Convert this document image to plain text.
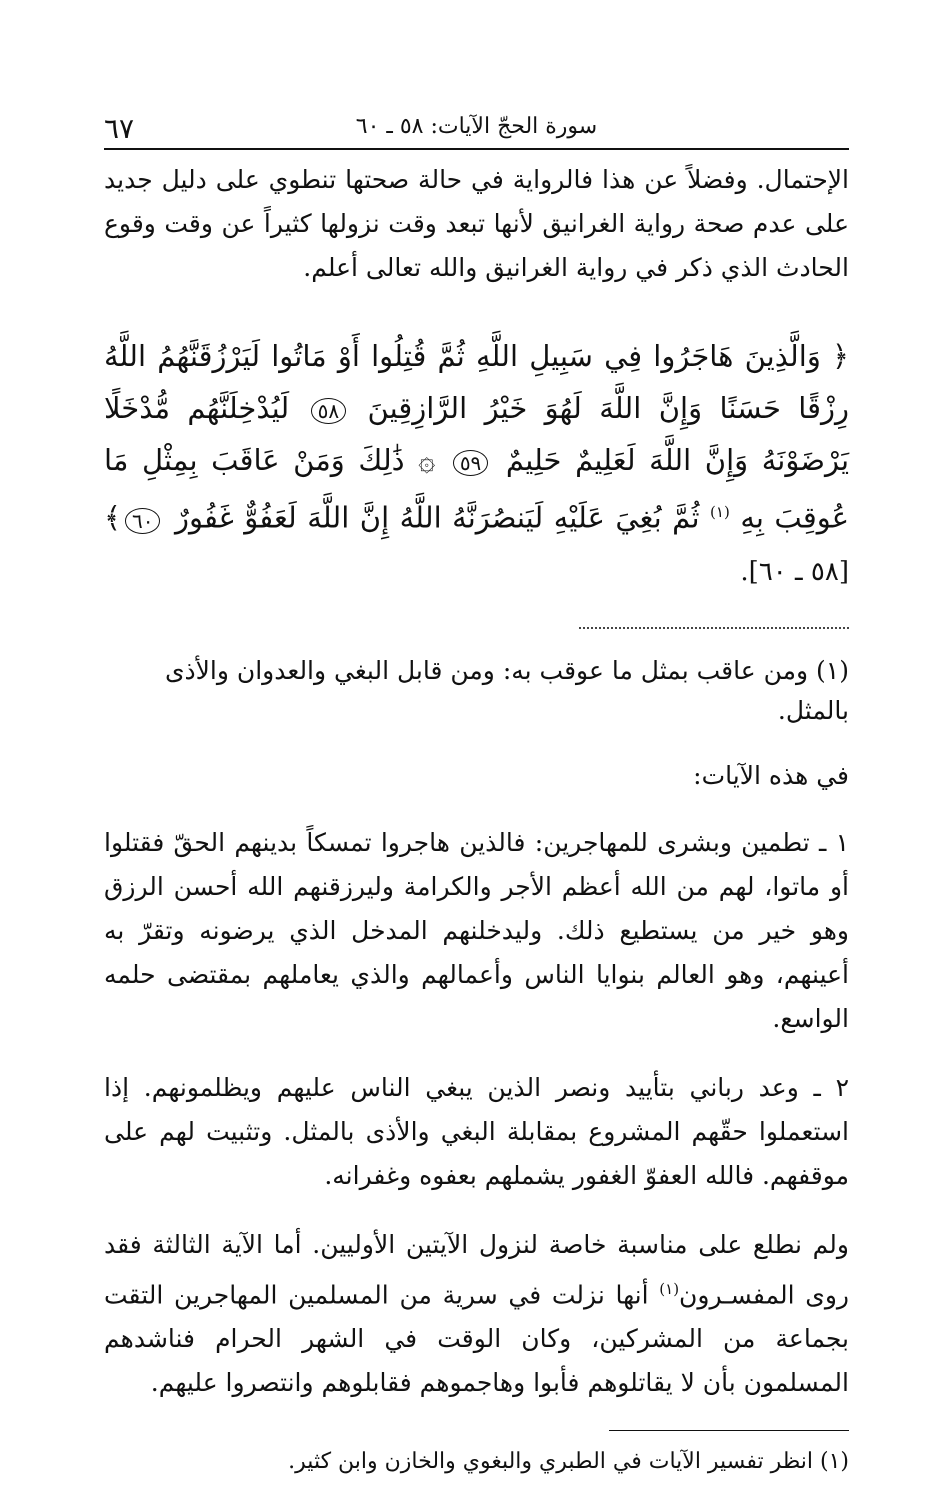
سورة الحجّ الآيات: ٥٨ ـ ٦٠
٦٧

الإحتمال. وفضلاً عن هذا فالرواية في حالة صحتها تنطوي على دليل جديد على عدم صحة رواية الغرانيق لأنها تبعد وقت نزولها كثيراً عن وقت وقوع الحادث الذي ذكر في رواية الغرانيق والله تعالى أعلم.

﴿ وَالَّذِينَ هَاجَرُوا فِي سَبِيلِ اللَّهِ ثُمَّ قُتِلُوا أَوْ مَاتُوا لَيَرْزُقَنَّهُمُ اللَّهُ رِزْقًا حَسَنًا وَإِنَّ اللَّهَ لَهُوَ خَيْرُ الرَّازِقِينَ ٥٨ لَيُدْخِلَنَّهُم مُّدْخَلًا يَرْضَوْنَهُ وَإِنَّ اللَّهَ لَعَلِيمٌ حَلِيمٌ ٥٩ ۞ ذَٰلِكَ وَمَنْ عَاقَبَ بِمِثْلِ مَا عُوقِبَ بِهِ $^{(١)}$ ثُمَّ بُغِيَ عَلَيْهِ لَيَنصُرَنَّهُ اللَّهُ إِنَّ اللَّهَ لَعَفُوٌّ غَفُورٌ ٦٠﴾ [٥٨ ـ ٦٠].

(١) ومن عاقب بمثل ما عوقب به: ومن قابل البغي والعدوان والأذى بالمثل.

في هذه الآيات:

١ ـ تطمين وبشرى للمهاجرين: فالذين هاجروا تمسكاً بدينهم الحقّ فقتلوا أو ماتوا، لهم من الله أعظم الأجر والكرامة وليرزقنهم الله أحسن الرزق وهو خير من يستطيع ذلك. وليدخلنهم المدخل الذي يرضونه وتقرّ به أعينهم، وهو العالم بنوايا الناس وأعمالهم والذي يعاملهم بمقتضى حلمه الواسع.

٢ ـ وعد رباني بتأييد ونصر الذين يبغي الناس عليهم ويظلمونهم. إذا استعملوا حقّهم المشروع بمقابلة البغي والأذى بالمثل. وتثبيت لهم على موقفهم. فالله العفوّ الغفور يشملهم بعفوه وغفرانه.

ولم نطلع على مناسبة خاصة لنزول الآيتين الأوليين. أما الآية الثالثة فقد روى المفسـرون$^{(١)}$ أنها نزلت في سرية من المسلمين المهاجرين التقت بجماعة من المشركين، وكان الوقت في الشهر الحرام فناشدهم المسلمون بأن لا يقاتلوهم فأبوا وهاجموهم فقابلوهم وانتصروا عليهم.

(١) انظر تفسير الآيات في الطبري والبغوي والخازن وابن كثير.
